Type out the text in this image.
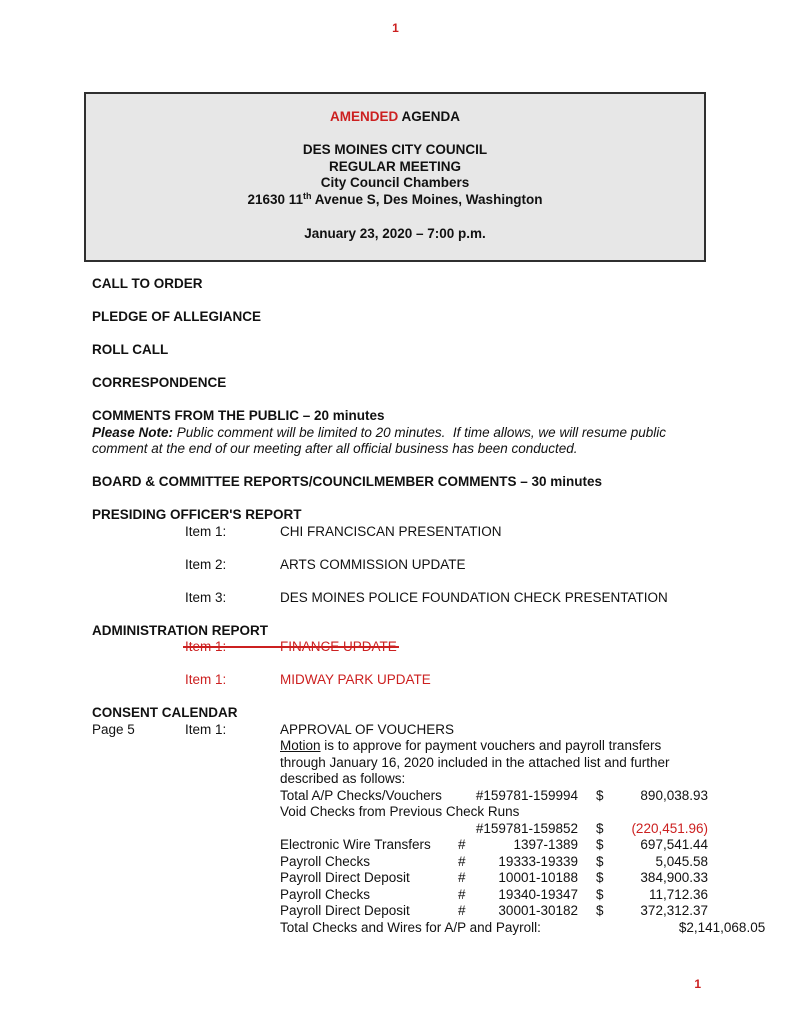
1
AMENDED AGENDA
DES MOINES CITY COUNCIL
REGULAR MEETING
City Council Chambers
21630 11th Avenue S, Des Moines, Washington
January 23, 2020 – 7:00 p.m.
CALL TO ORDER
PLEDGE OF ALLEGIANCE
ROLL CALL
CORRESPONDENCE
COMMENTS FROM THE PUBLIC – 20 minutes
Please Note: Public comment will be limited to 20 minutes.  If time allows, we will resume public
comment at the end of our meeting after all official business has been conducted.
BOARD & COMMITTEE REPORTS/COUNCILMEMBER COMMENTS – 30 minutes
PRESIDING OFFICER'S REPORT
Item 1:	CHI FRANCISCAN PRESENTATION
Item 2:	ARTS COMMISSION UPDATE
Item 3:	DES MOINES POLICE FOUNDATION CHECK PRESENTATION
ADMINISTRATION REPORT
Item 1:	FINANCE UPDATE
Item 1:	MIDWAY PARK UPDATE
CONSENT CALENDAR
Page 5	Item 1:	APPROVAL OF VOUCHERS
Motion is to approve for payment vouchers and payroll transfers
through January 16, 2020 included in the attached list and further
described as follows:
Total A/P Checks/Vouchers	#159781-159994 $	890,038.93
Void Checks from Previous Check Runs
#159781-159852 $	(220,451.96)
Electronic Wire Transfers	#	1397-1389 $	697,541.44
Payroll Checks	#	19333-19339 $	5,045.58
Payroll Direct Deposit	#	10001-10188 $	384,900.33
Payroll Checks	#	19340-19347 $	11,712.36
Payroll Direct Deposit	#	30001-30182 $	372,312.37
Total Checks and Wires for A/P and Payroll:	$2,141,068.05
1
